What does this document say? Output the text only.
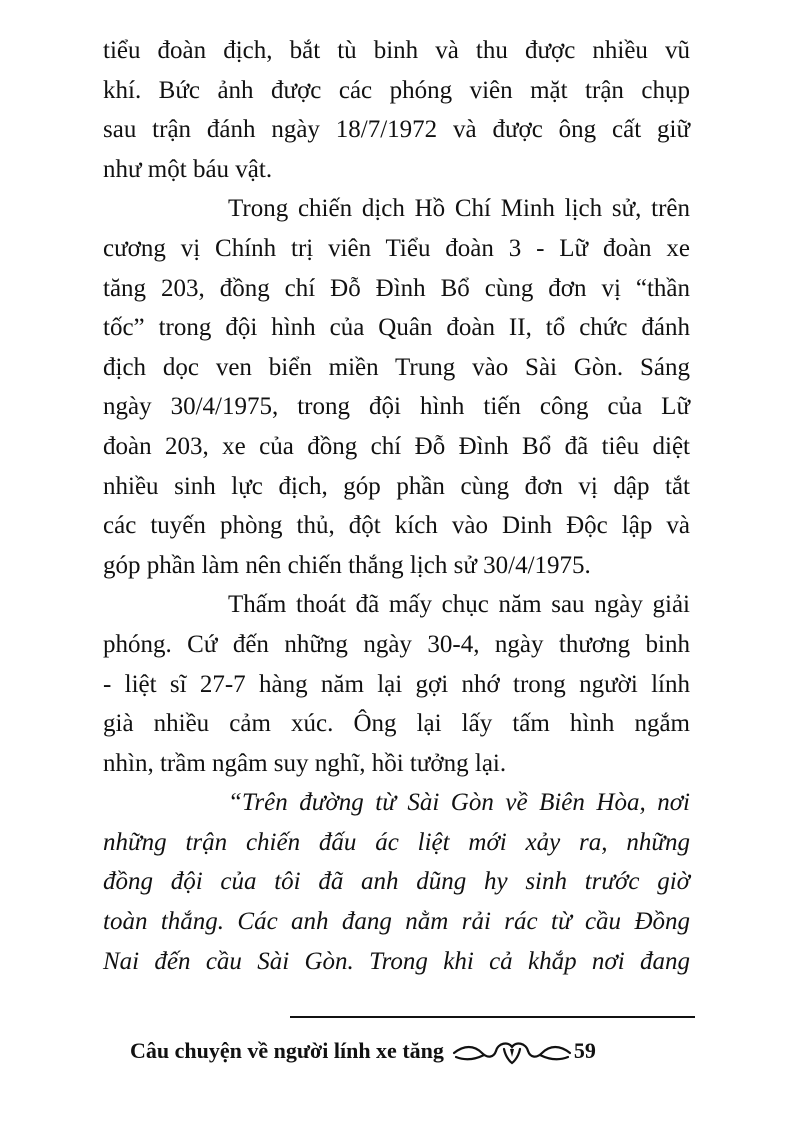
tiểu đoàn địch, bắt tù binh và thu được nhiều vũ
khí. Bức ảnh được các phóng viên mặt trận chụp
sau trận đánh ngày 18/7/1972 và được ông cất giữ
như một báu vật.
Trong chiến dịch Hồ Chí Minh lịch sử, trên
cương vị Chính trị viên Tiểu đoàn 3 - Lữ đoàn xe
tăng 203, đồng chí Đỗ Đình Bổ cùng đơn vị “thần
tốc” trong đội hình của Quân đoàn II, tổ chức đánh
địch dọc ven biển miền Trung vào Sài Gòn. Sáng
ngày 30/4/1975, trong đội hình tiến công của Lữ
đoàn 203, xe của đồng chí Đỗ Đình Bổ đã tiêu diệt
nhiều sinh lực địch, góp phần cùng đơn vị dập tắt
các tuyến phòng thủ, đột kích vào Dinh Độc lập và
góp phần làm nên chiến thắng lịch sử 30/4/1975.
Thấm thoát đã mấy chục năm sau ngày giải
phóng. Cứ đến những ngày 30-4, ngày thương binh
- liệt sĩ 27-7 hàng năm lại gợi nhớ trong người lính
già nhiều cảm xúc. Ông lại lấy tấm hình ngắm
nhìn, trầm ngâm suy nghĩ, hồi tưởng lại.
“Trên đường từ Sài Gòn về Biên Hòa, nơi
những trận chiến đấu ác liệt mới xảy ra, những
đồng đội của tôi đã anh dũng hy sinh trước giờ
toàn thắng. Các anh đang nằm rải rác từ cầu Đồng
Nai đến cầu Sài Gòn. Trong khi cả khắp nơi đang
Câu chuyện về người lính xe tăng	59
